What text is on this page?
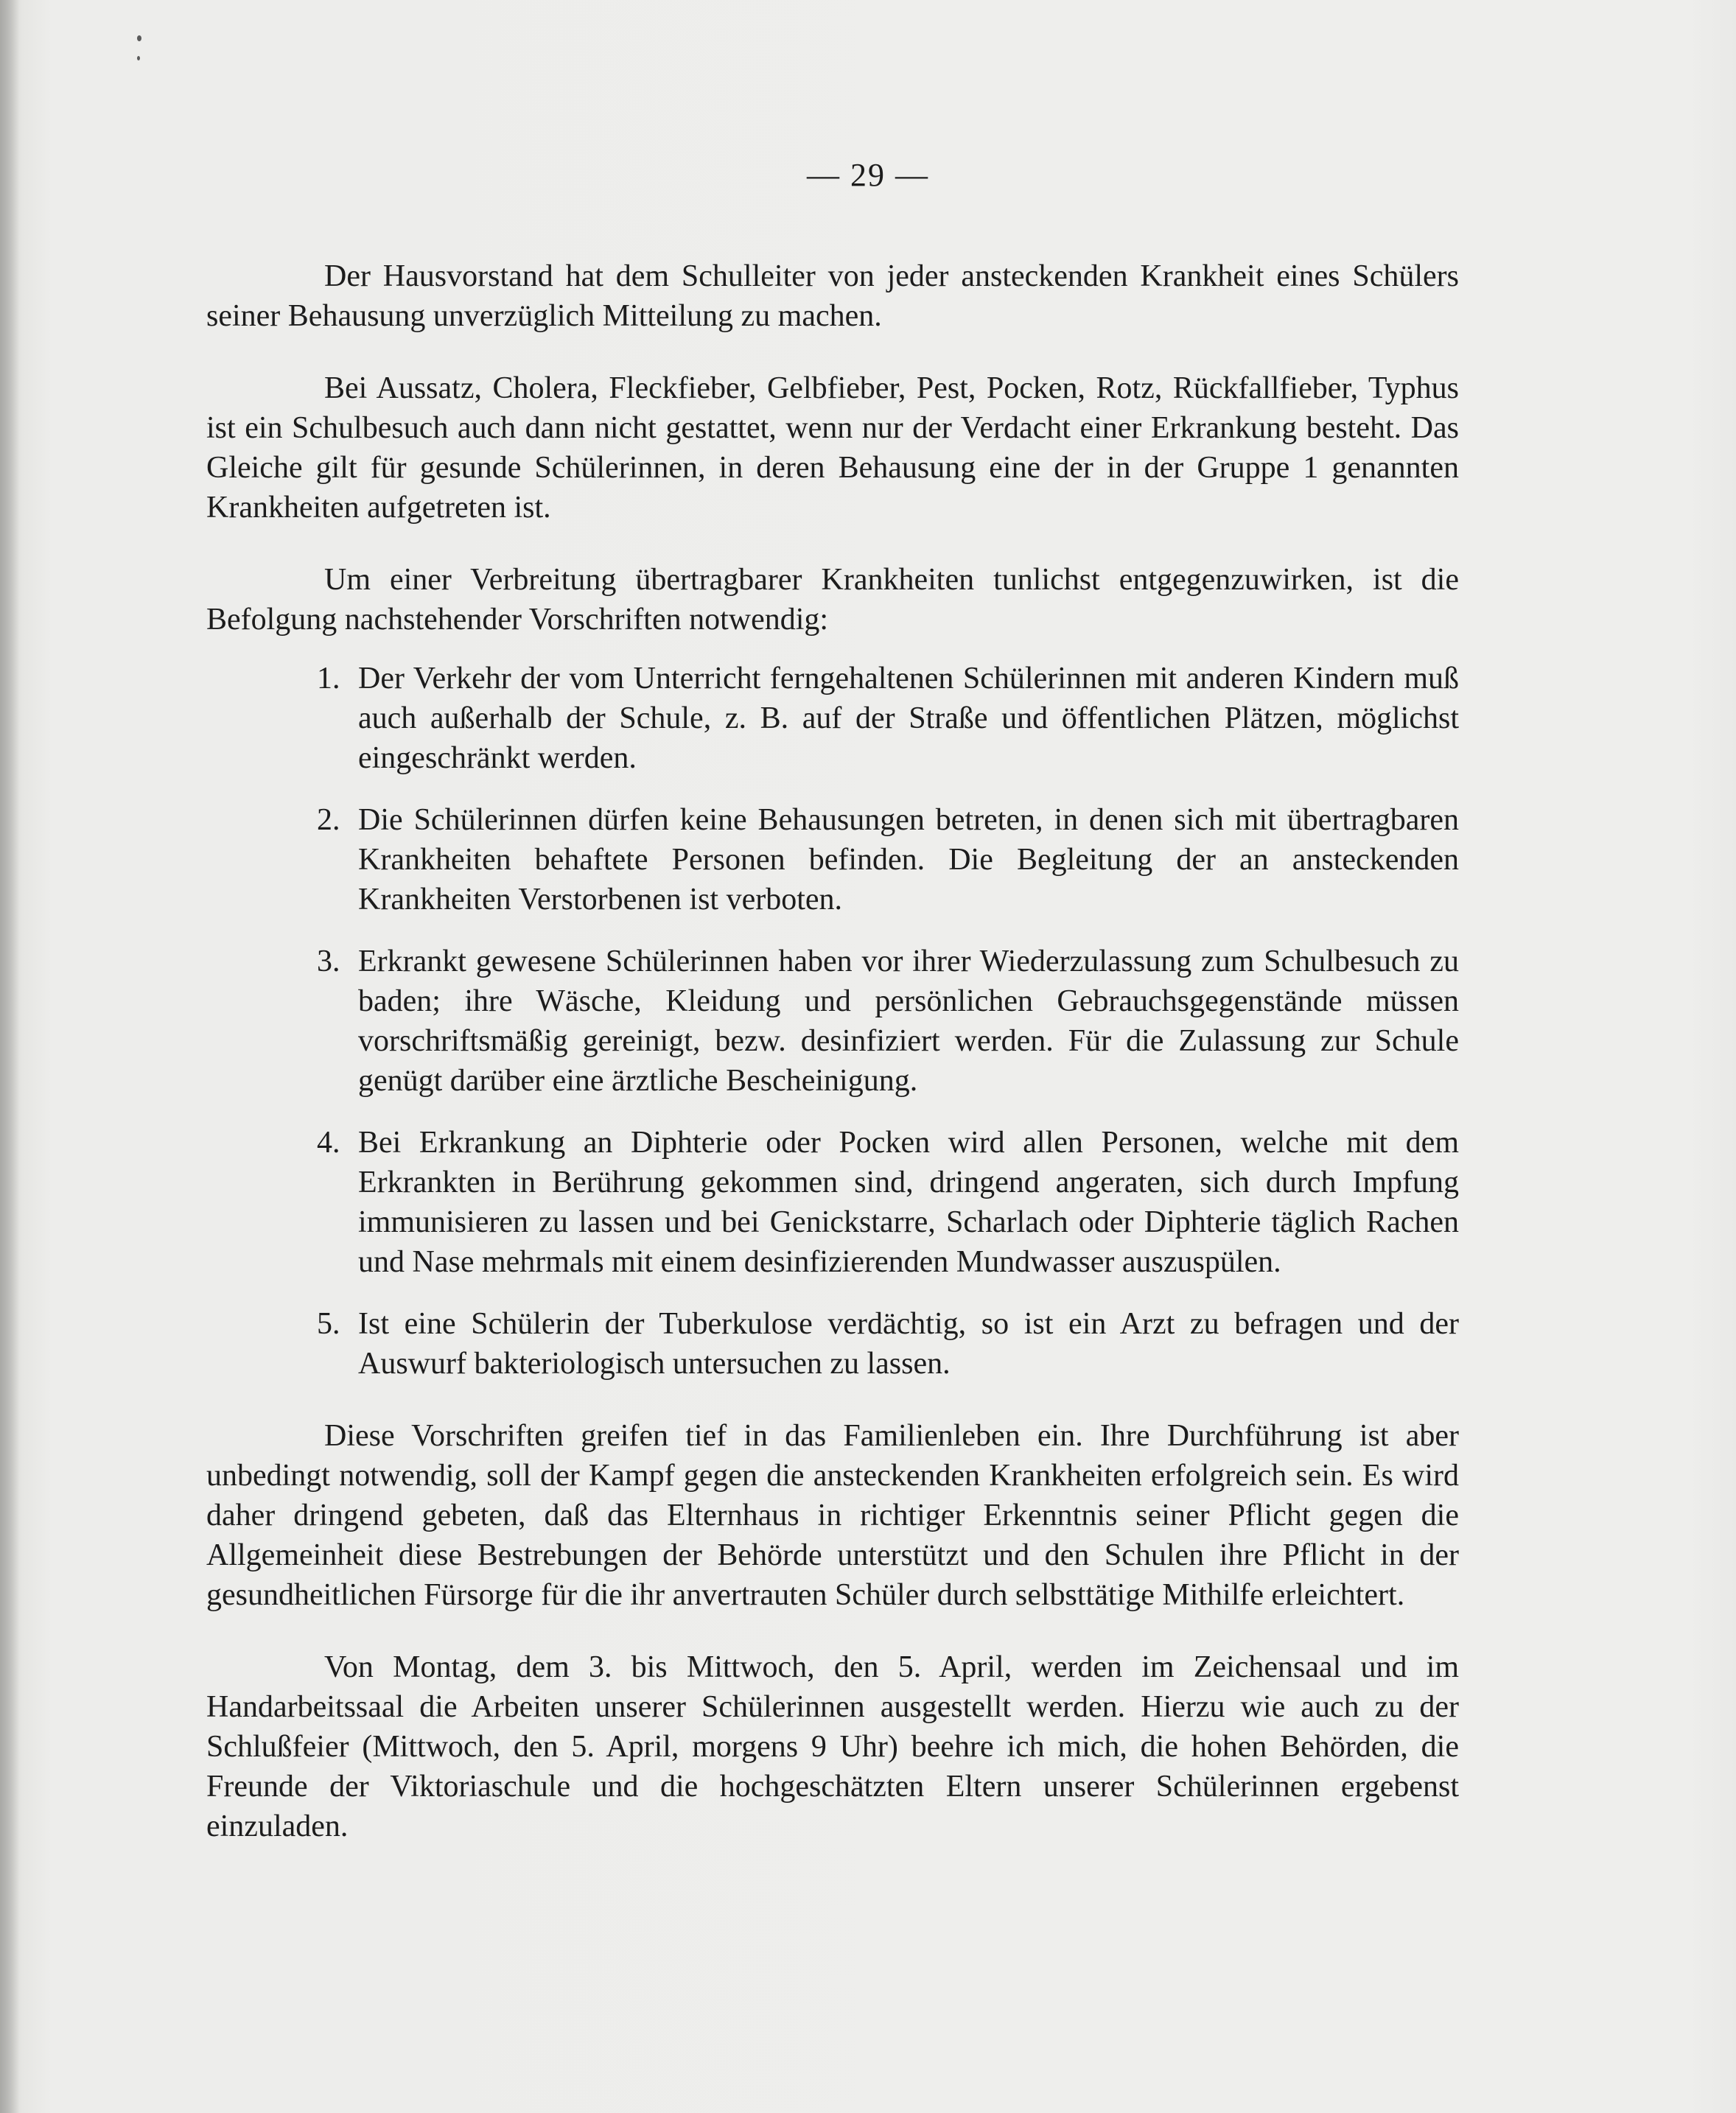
— 29 —

Der Hausvorstand hat dem Schulleiter von jeder ansteckenden Krankheit eines Schülers seiner Behausung unverzüglich Mitteilung zu machen.

Bei Aussatz, Cholera, Fleckfieber, Gelbfieber, Pest, Pocken, Rotz, Rückfallfieber, Typhus ist ein Schulbesuch auch dann nicht gestattet, wenn nur der Verdacht einer Erkrankung besteht. Das Gleiche gilt für gesunde Schülerinnen, in deren Behausung eine der in der Gruppe 1 genannten Krankheiten aufgetreten ist.

Um einer Verbreitung übertragbarer Krankheiten tunlichst entgegenzuwirken, ist die Befolgung nachstehender Vorschriften notwendig:

1. Der Verkehr der vom Unterricht ferngehaltenen Schülerinnen mit anderen Kindern muß auch außerhalb der Schule, z. B. auf der Straße und öffentlichen Plätzen, möglichst eingeschränkt werden.
2. Die Schülerinnen dürfen keine Behausungen betreten, in denen sich mit übertragbaren Krankheiten behaftete Personen befinden. Die Begleitung der an ansteckenden Krankheiten Verstorbenen ist verboten.
3. Erkrankt gewesene Schülerinnen haben vor ihrer Wiederzulassung zum Schulbesuch zu baden; ihre Wäsche, Kleidung und persönlichen Gebrauchsgegenstände müssen vorschriftsmäßig gereinigt, bezw. desinfiziert werden. Für die Zulassung zur Schule genügt darüber eine ärztliche Bescheinigung.
4. Bei Erkrankung an Diphterie oder Pocken wird allen Personen, welche mit dem Erkrankten in Berührung gekommen sind, dringend angeraten, sich durch Impfung immunisieren zu lassen und bei Genickstarre, Scharlach oder Diphterie täglich Rachen und Nase mehrmals mit einem desinfizierenden Mundwasser auszuspülen.
5. Ist eine Schülerin der Tuberkulose verdächtig, so ist ein Arzt zu befragen und der Auswurf bakteriologisch untersuchen zu lassen.

Diese Vorschriften greifen tief in das Familienleben ein. Ihre Durchführung ist aber unbedingt notwendig, soll der Kampf gegen die ansteckenden Krankheiten erfolgreich sein. Es wird daher dringend gebeten, daß das Elternhaus in richtiger Erkenntnis seiner Pflicht gegen die Allgemeinheit diese Bestrebungen der Behörde unterstützt und den Schulen ihre Pflicht in der gesundheitlichen Fürsorge für die ihr anvertrauten Schüler durch selbsttätige Mithilfe erleichtert.

Von Montag, dem 3. bis Mittwoch, den 5. April, werden im Zeichensaal und im Handarbeitssaal die Arbeiten unserer Schülerinnen ausgestellt werden. Hierzu wie auch zu der Schlußfeier (Mittwoch, den 5. April, morgens 9 Uhr) beehre ich mich, die hohen Behörden, die Freunde der Viktoriaschule und die hochgeschätzten Eltern unserer Schülerinnen ergebenst einzuladen.
